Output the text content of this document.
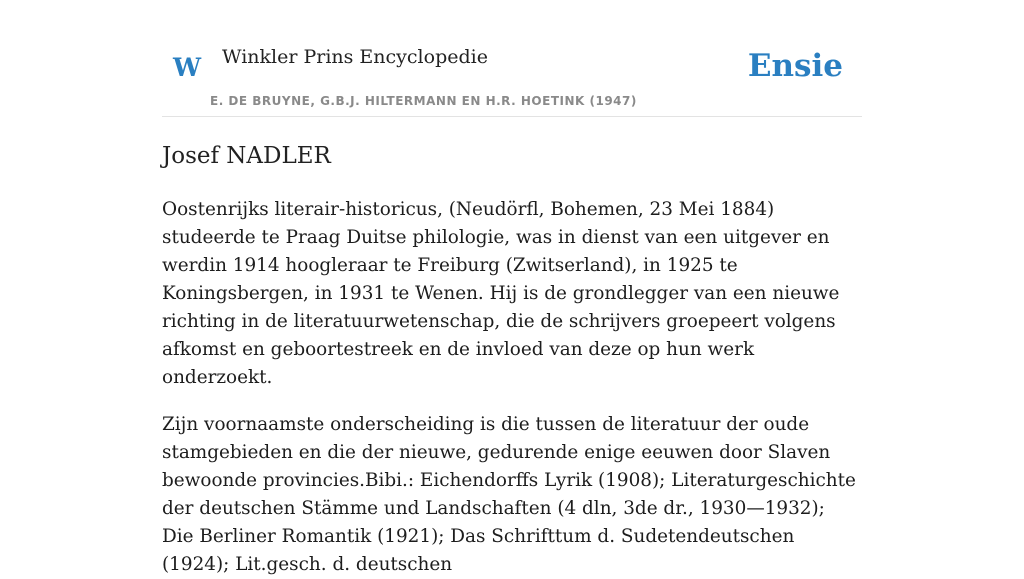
W Winkler Prins Encyclopedie
E. DE BRUYNE, G.B.J. HILTERMANN EN H.R. HOETINK (1947)
Ensie
Josef NADLER

Oostenrijks literair-historicus, (Neudörfl, Bohemen, 23 Mei 1884) studeerde te Praag Duitse philologie, was in dienst van een uitgever en werdin 1914 hoogleraar te Freiburg (Zwitserland), in 1925 te Koningsbergen, in 1931 te Wenen. Hij is de grondlegger van een nieuwe richting in de literatuurwetenschap, die de schrijvers groepeert volgens afkomst en geboortestreek en de invloed van deze op hun werk onderzoekt.

Zijn voornaamste onderscheiding is die tussen de literatuur der oude stamgebieden en die der nieuwe, gedurende enige eeuwen door Slaven bewoonde provincies.Bibi.: Eichendorffs Lyrik (1908); Literaturgeschichte der deutschen Stämme und Landschaften (4 dln, 3de dr., 1930—1932); Die Berliner Romantik (1921); Das Schrifttum d. Sudetendeutschen (1924); Lit.gesch. d. deutschen
